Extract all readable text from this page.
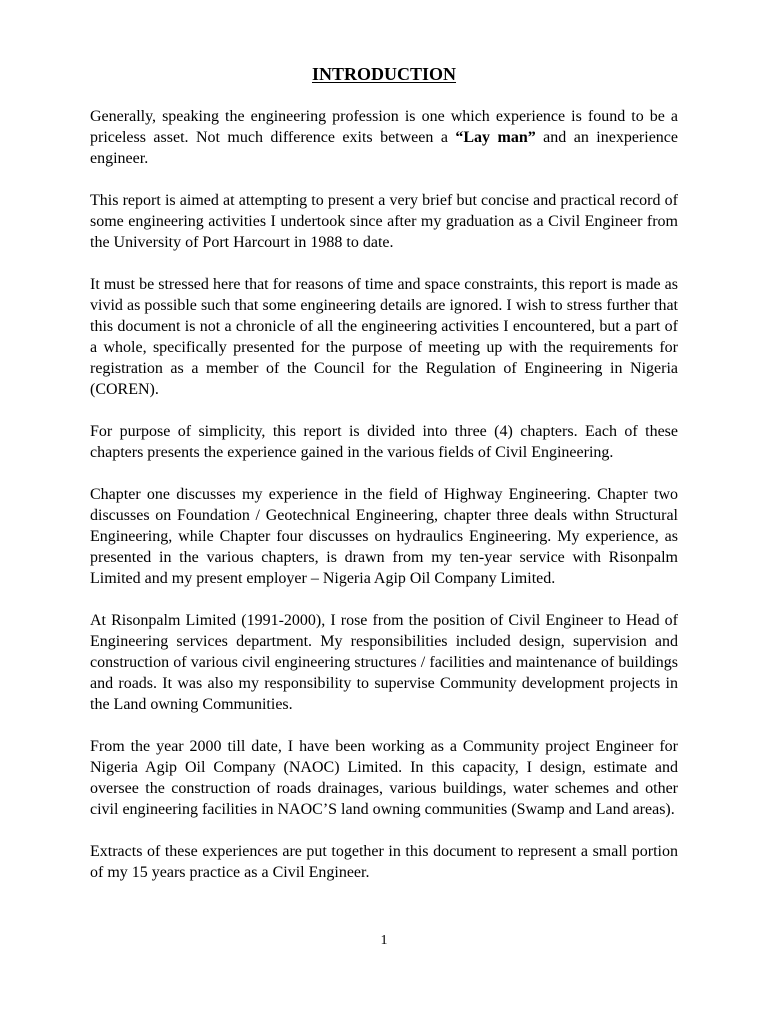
INTRODUCTION

Generally, speaking the engineering profession is one which experience is found to be a priceless asset. Not much difference exits between a “Lay man” and an inexperience engineer.

This report is aimed at attempting to present a very brief but concise and practical record of some engineering activities I undertook since after my graduation as a Civil Engineer from the University of Port Harcourt in 1988 to date.

It must be stressed here that for reasons of time and space constraints, this report is made as vivid as possible such that some engineering details are ignored. I wish to stress further that this document is not a chronicle of all the engineering activities I encountered, but a part of a whole, specifically presented for the purpose of meeting up with the requirements for registration as a member of the Council for the Regulation of Engineering in Nigeria (COREN).

For purpose of simplicity, this report is divided into three (4) chapters. Each of these chapters presents the experience gained in the various fields of Civil Engineering.

Chapter one discusses my experience in the field of Highway Engineering. Chapter two discusses on Foundation / Geotechnical Engineering, chapter three deals withn Structural Engineering, while Chapter four discusses on hydraulics Engineering. My experience, as presented in the various chapters, is drawn from my ten-year service with Risonpalm Limited and my present employer – Nigeria Agip Oil Company Limited.

At Risonpalm Limited (1991-2000), I rose from the position of Civil Engineer to Head of Engineering services department. My responsibilities included design, supervision and construction of various civil engineering structures / facilities and maintenance of buildings and roads. It was also my responsibility to supervise Community development projects in the Land owning Communities.

From the year 2000 till date, I have been working as a Community project Engineer for Nigeria Agip Oil Company (NAOC) Limited. In this capacity, I design, estimate and oversee the construction of roads drainages, various buildings, water schemes and other civil engineering facilities in NAOC’S land owning communities (Swamp and Land areas).

Extracts of these experiences are put together in this document to represent a small portion of my 15 years practice as a Civil Engineer.

1
